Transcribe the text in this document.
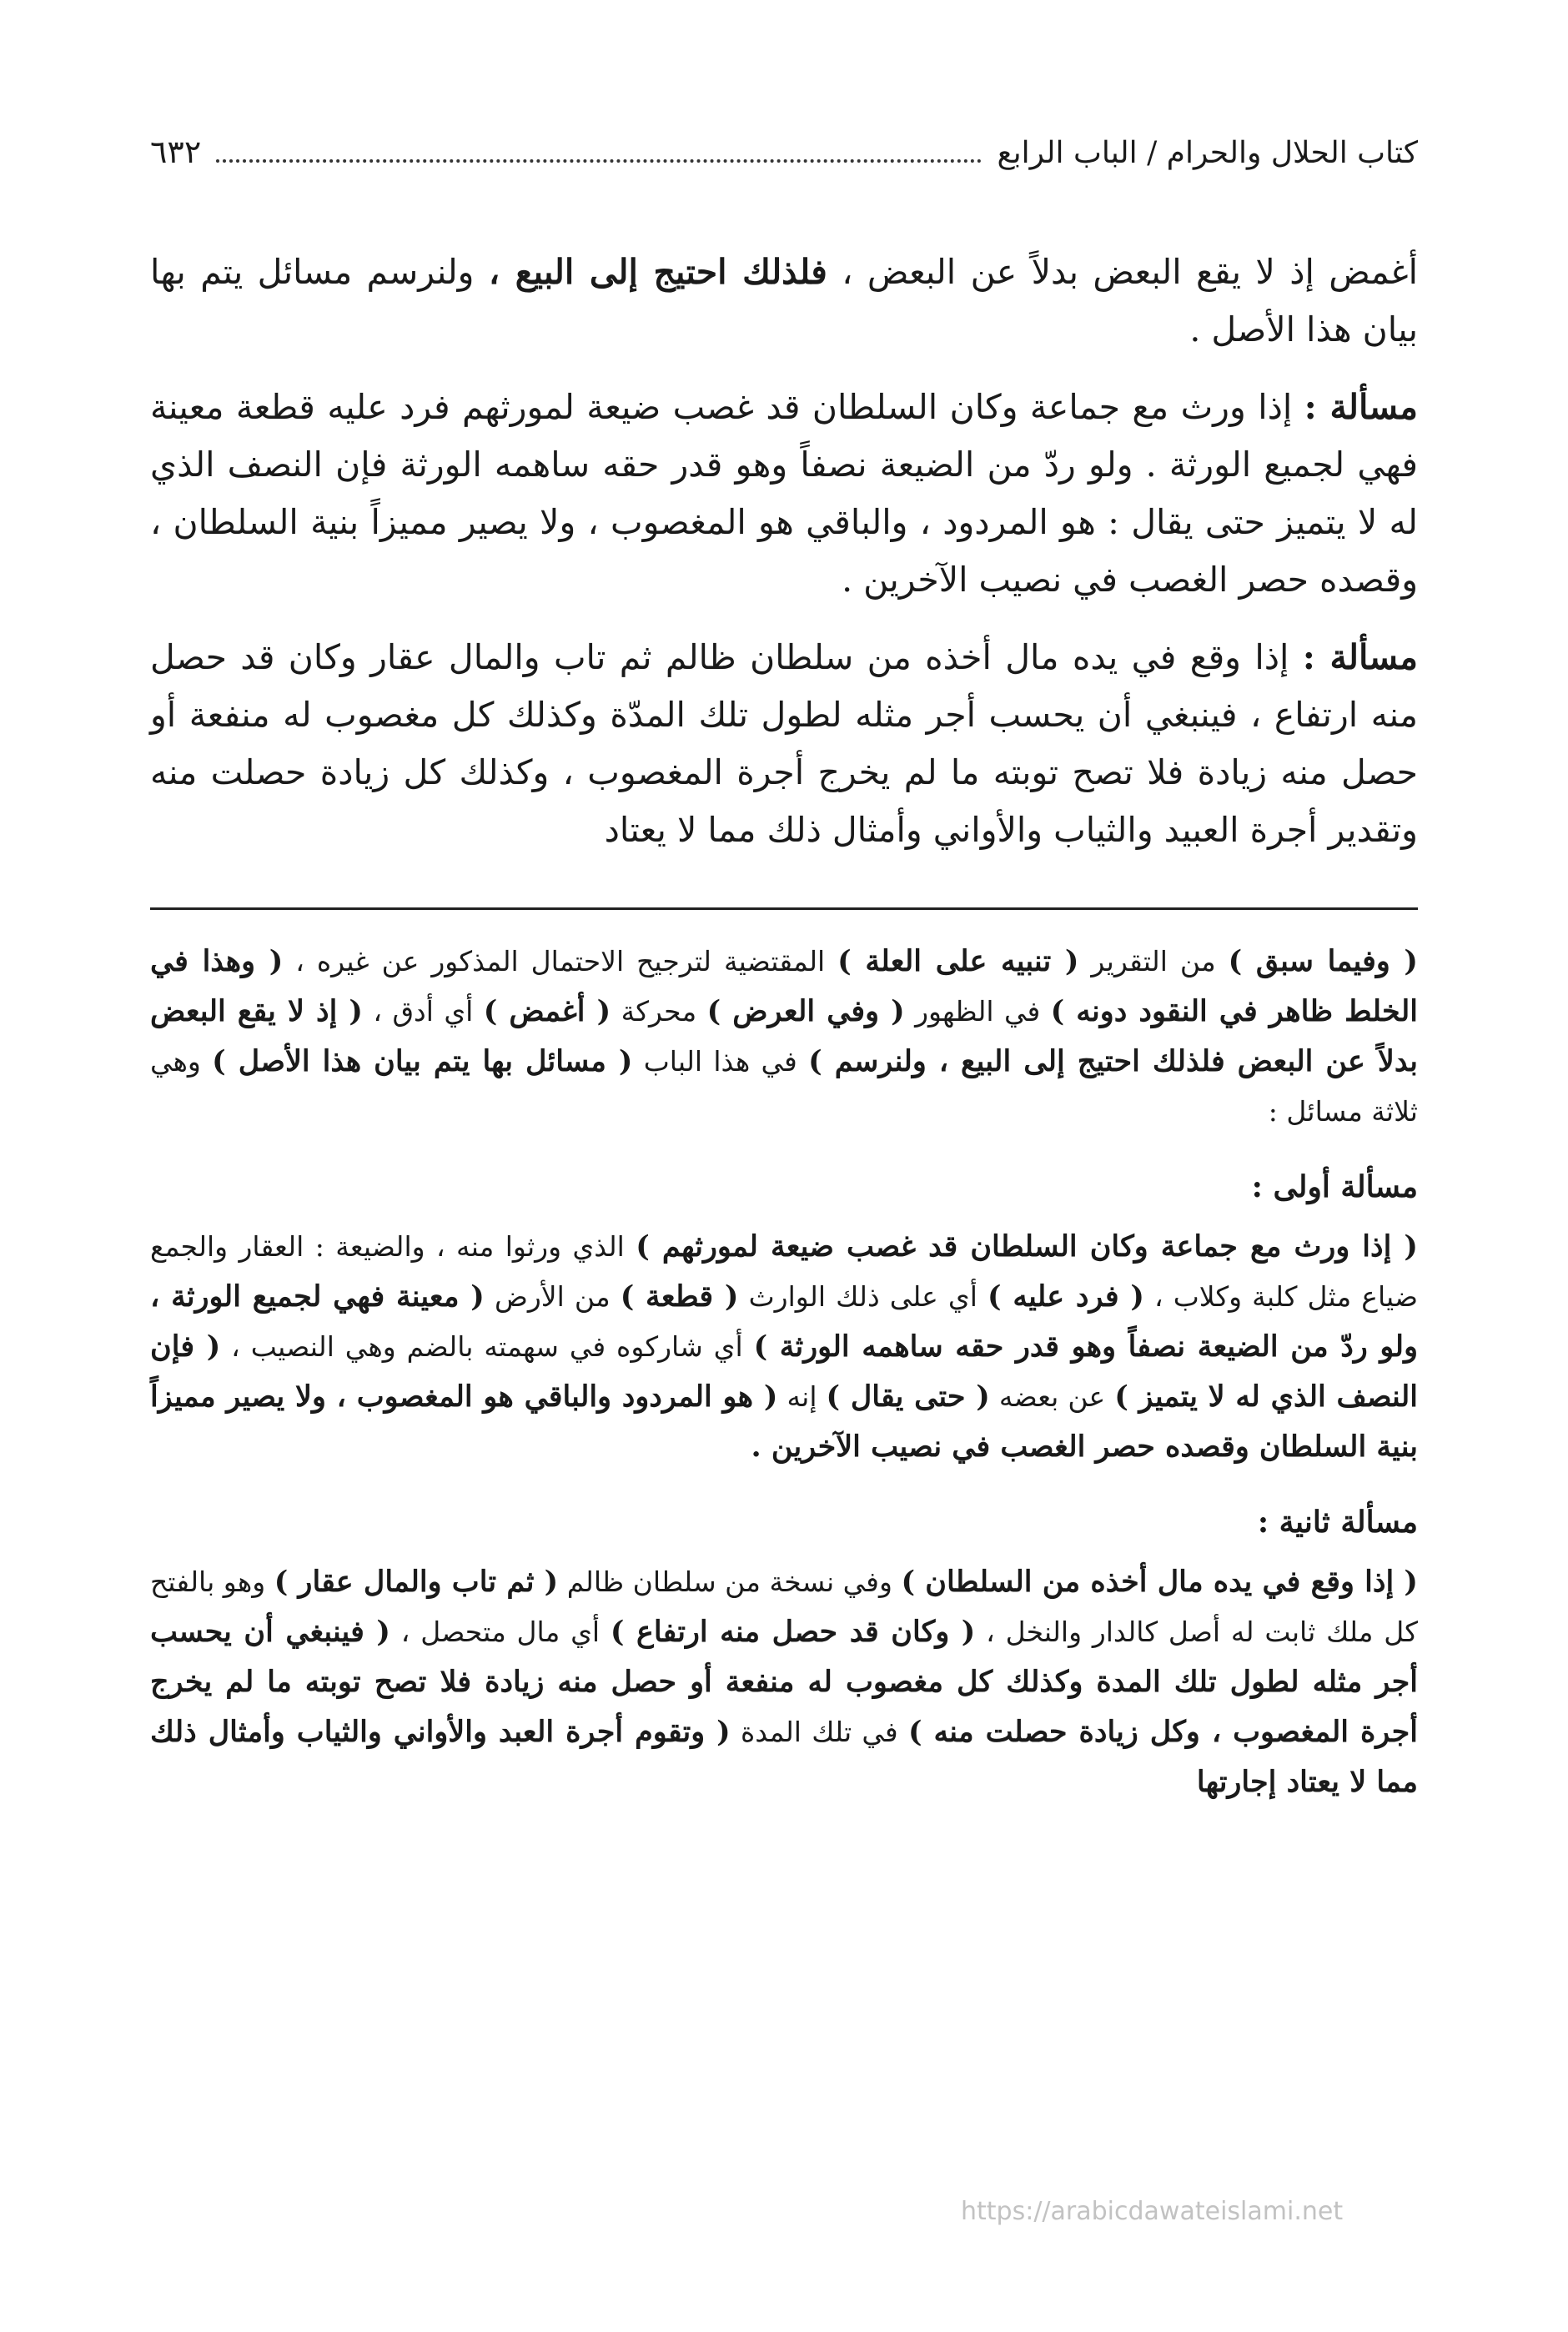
كتاب الحلال والحرام / الباب الرابع
٦٣٢

أغمض إذ لا يقع البعض بدلاً عن البعض ، فلذلك احتيج إلى البيع ، ولنرسم مسائل يتم بها بيان هذا الأصل .

مسألة : إذا ورث مع جماعة وكان السلطان قد غصب ضيعة لمورثهم فرد عليه قطعة معينة فهي لجميع الورثة . ولو ردّ من الضيعة نصفاً وهو قدر حقه ساهمه الورثة فإن النصف الذي له لا يتميز حتى يقال : هو المردود ، والباقي هو المغصوب ، ولا يصير مميزاً بنية السلطان ، وقصده حصر الغصب في نصيب الآخرين .

مسألة : إذا وقع في يده مال أخذه من سلطان ظالم ثم تاب والمال عقار وكان قد حصل منه ارتفاع ، فينبغي أن يحسب أجر مثله لطول تلك المدّة وكذلك كل مغصوب له منفعة أو حصل منه زيادة فلا تصح توبته ما لم يخرج أجرة المغصوب ، وكذلك كل زيادة حصلت منه وتقدير أجرة العبيد والثياب والأواني وأمثال ذلك مما لا يعتاد

( وفيما سبق ) من التقرير ( تنبيه على العلة ) المقتضية لترجيح الاحتمال المذكور عن غيره ، ( وهذا في الخلط ظاهر في النقود دونه ) في الظهور ( وفي العرض ) محركة ( أغمض ) أي أدق ، ( إذ لا يقع البعض بدلاً عن البعض فلذلك احتيج إلى البيع ، ولنرسم ) في هذا الباب ( مسائل بها يتم بيان هذا الأصل ) وهي ثلاثة مسائل :

مسألة أولى :

( إذا ورث مع جماعة وكان السلطان قد غصب ضيعة لمورثهم ) الذي ورثوا منه ، والضيعة : العقار والجمع ضياع مثل كلبة وكلاب ، ( فرد عليه ) أي على ذلك الوارث ( قطعة ) من الأرض ( معينة فهي لجميع الورثة ، ولو ردّ من الضيعة نصفاً وهو قدر حقه ساهمه الورثة ) أي شاركوه في سهمته بالضم وهي النصيب ، ( فإن النصف الذي له لا يتميز ) عن بعضه ( حتى يقال ) إنه ( هو المردود والباقي هو المغصوب ، ولا يصير مميزاً بنية السلطان وقصده حصر الغصب في نصيب الآخرين .

مسألة ثانية :

( إذا وقع في يده مال أخذه من السلطان ) وفي نسخة من سلطان ظالم ( ثم تاب والمال عقار ) وهو بالفتح كل ملك ثابت له أصل كالدار والنخل ، ( وكان قد حصل منه ارتفاع ) أي مال متحصل ، ( فينبغي أن يحسب أجر مثله لطول تلك المدة وكذلك كل مغصوب له منفعة أو حصل منه زيادة فلا تصح توبته ما لم يخرج أجرة المغصوب ، وكل زيادة حصلت منه ) في تلك المدة ( وتقوم أجرة العبد والأواني والثياب وأمثال ذلك مما لا يعتاد إجارتها

https://arabicdawateislami.net
